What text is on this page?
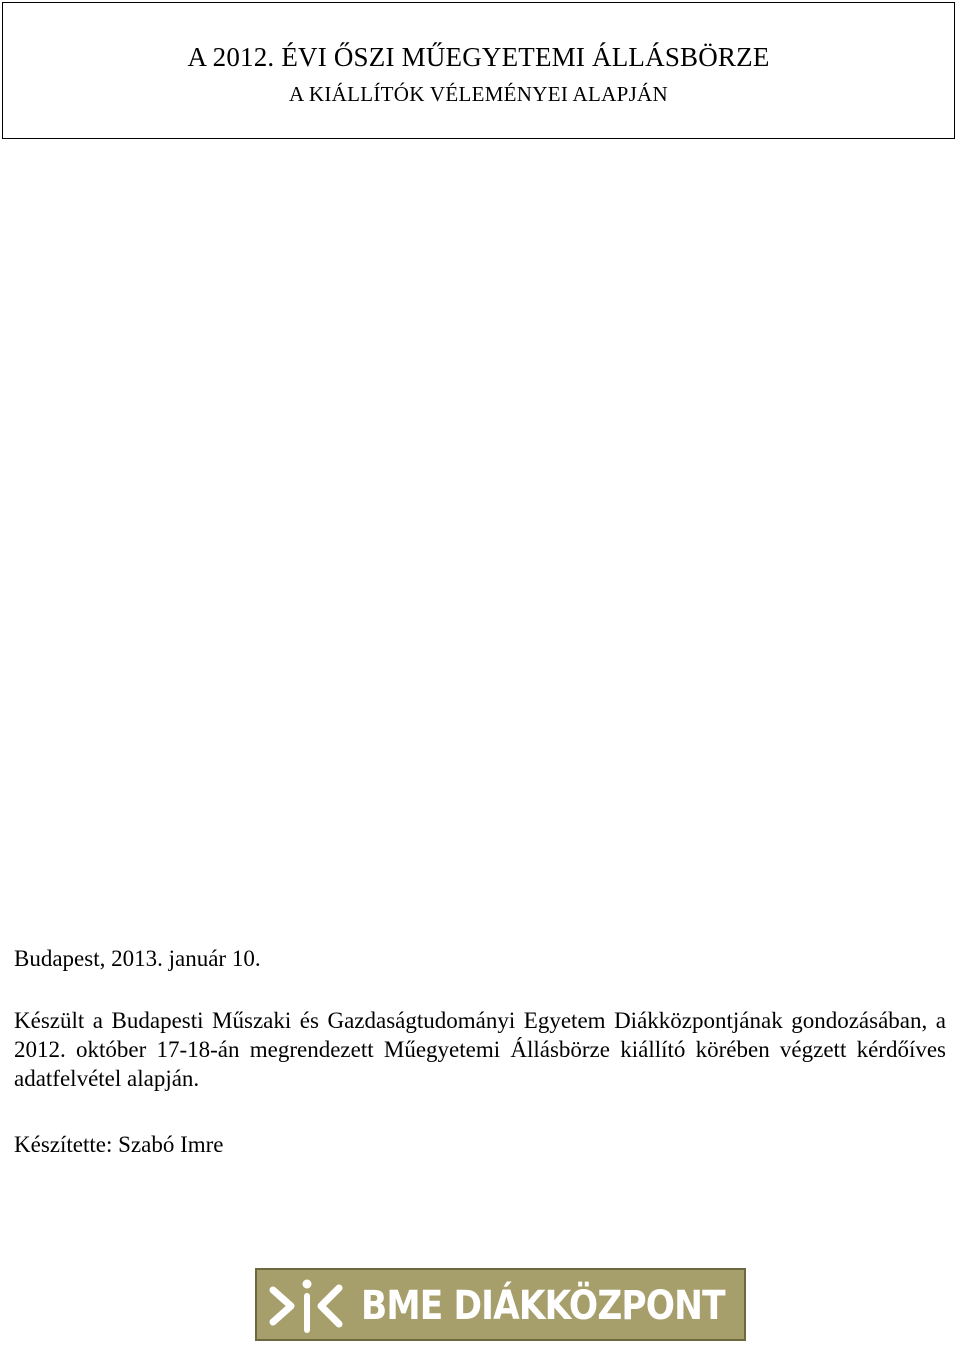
A 2012. ÉVI ŐSZI MŰEGYETEMI ÁLLÁSBÖRZE
A KIÁLLÍTÓK VÉLEMÉNYEI ALAPJÁN
Budapest, 2013. január 10.
Készült a Budapesti Műszaki és Gazdaságtudományi Egyetem Diákközpontjának gondozásában, a 2012. október 17-18-án megrendezett Műegyetemi Állásbörze kiállító körében végzett kérdőíves adatfelvétel alapján.
Készítette: Szabó Imre
BME DIÁKKÖZPONT
